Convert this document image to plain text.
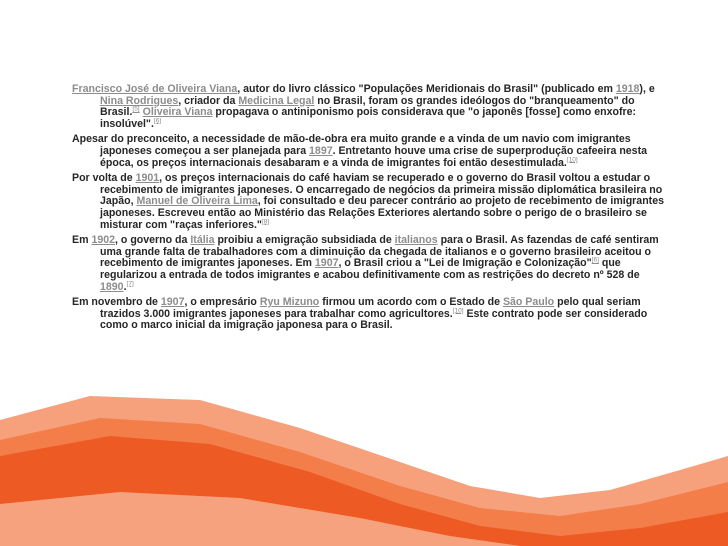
Francisco José de Oliveira Viana, autor do livro clássico "Populações Meridionais do Brasil" (publicado em 1918), e Nina Rodrigues, criador da Medicina Legal no Brasil, foram os grandes ideólogos do "branqueamento" do Brasil.[5] Oliveira Viana propagava o antiniponismo pois considerava que "o japonês [fosse] como enxofre: insolúvel".[6]

Apesar do preconceito, a necessidade de mão-de-obra era muito grande e a vinda de um navio com imigrantes japoneses começou a ser planejada para 1897. Entretanto houve uma crise de superprodução cafeeira nesta época, os preços internacionais desabaram e a vinda de imigrantes foi então desestimulada.[10]

Por volta de 1901, os preços internacionais do café haviam se recuperado e o governo do Brasil voltou a estudar o recebimento de imigrantes japoneses. O encarregado de negócios da primeira missão diplomática brasileira no Japão, Manuel de Oliveira Lima, foi consultado e deu parecer contrário ao projeto de recebimento de imigrantes japoneses. Escreveu então ao Ministério das Relações Exteriores alertando sobre o perigo de o brasileiro se misturar com "raças inferiores."[8]

Em 1902, o governo da Itália proibiu a emigração subsidiada de italianos para o Brasil. As fazendas de café sentiram uma grande falta de trabalhadores com a diminuição da chegada de italianos e o governo brasileiro aceitou o recebimento de imigrantes japoneses. Em 1907, o Brasil criou a "Lei de Imigração e Colonização"[6] que regularizou a entrada de todos imigrantes e acabou definitivamente com as restrições do decreto nº 528 de 1890.[7]

Em novembro de 1907, o empresário Ryu Mizuno firmou um acordo com o Estado de São Paulo pelo qual seriam trazidos 3.000 imigrantes japoneses para trabalhar como agricultores.[10] Este contrato pode ser considerado como o marco inicial da imigração japonesa para o Brasil.
